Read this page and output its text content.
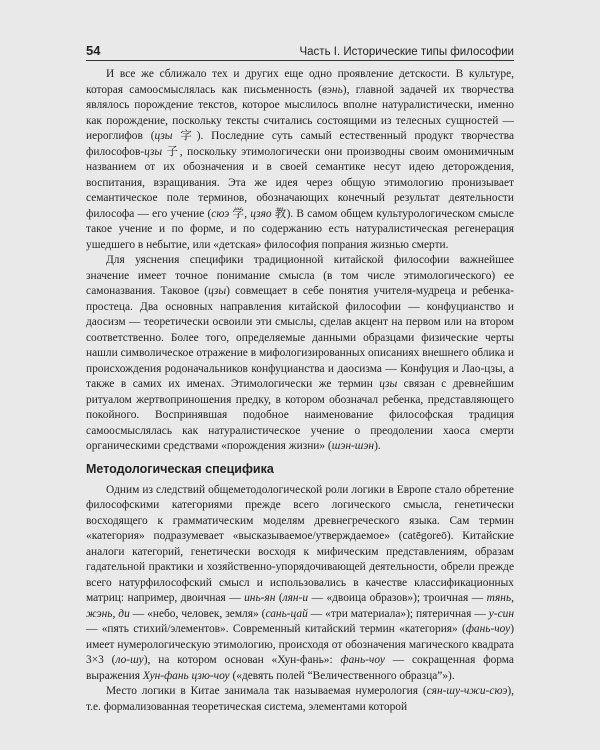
54	Часть I. Исторические типы философии

И все же сближало тех и других еще одно проявление детскости. В культуре, которая самоосмыслялась как письменность (вэнь), главной задачей их творчества являлось порождение текстов, которое мыслилось вполне натуралистически, именно как порождение, поскольку тексты считались состоящими из телесных сущностей — иероглифов (цзы 字). Последние суть самый естественный продукт творчества философов-цзы 子, поскольку этимологически они производны своим омонимичным названием от их обозначения и в своей семантике несут идею деторождения, воспитания, взращивания. Эта же идея через общую этимологию пронизывает семантическое поле терминов, обозначающих конечный результат деятельности философа — его учение (сюэ 学, цзяо 教). В самом общем культурологическом смысле такое учение и по форме, и по содержанию есть натуралистическая регенерация ушедшего в небытие, или «детская» философия попрания жизнью смерти.

Для уяснения специфики традиционной китайской философии важнейшее значение имеет точное понимание смысла (в том числе этимологического) ее самоназвания. Таковое (цзы) совмещает в себе понятия учителя-мудреца и ребенка-простеца. Два основных направления китайской философии — конфуцианство и даосизм — теоретически освоили эти смыслы, сделав акцент на первом или на втором соответственно. Более того, определяемые данными образцами физические черты нашли символическое отражение в мифологизированных описаниях внешнего облика и происхождения родоначальников конфуцианства и даосизма — Конфуция и Лао-цзы, а также в самих их именах. Этимологически же термин цзы связан с древнейшим ритуалом жертвоприношения предку, в котором обозначал ребенка, представляющего покойного. Воспринявшая подобное наименование философская традиция самоосмыслялась как натуралистическое учение о преодолении хаоса смерти органическими средствами «порождения жизни» (шэн-шэн).

Методологическая специфика

Одним из следствий общеметодологической роли логики в Европе стало обретение философскими категориями прежде всего логического смысла, генетически восходящего к грамматическим моделям древнегреческого языка. Сам термин «категория» подразумевает «высказываемое/утверждаемое» (catēgoreō). Китайские аналоги категорий, генетически восходя к мифическим представлениям, образам гадательной практики и хозяйственно-упорядочивающей деятельности, обрели прежде всего натурфилософский смысл и использовались в качестве классификационных матриц: например, двоичная — инь-ян (лян-и — «двоица образов»); троичная — тянь, жэнь, ди — «небо, человек, земля» (сань-цай — «три материала»); пятеричная — у-син — «пять стихий/элементов». Современный китайский термин «категория» (фань-чоу) имеет нумерологическую этимологию, происходя от обозначения магического квадрата 3×3 (ло-шу), на котором основан «Хун-фань»: фань-чоу — сокращенная форма выражения Хун-фань цзю-чоу («девять полей “Величественного образца”»).

Место логики в Китае занимала так называемая нумерология (сян-шу-чжи-сюэ), т.е. формализованная теоретическая система, элементами которой
